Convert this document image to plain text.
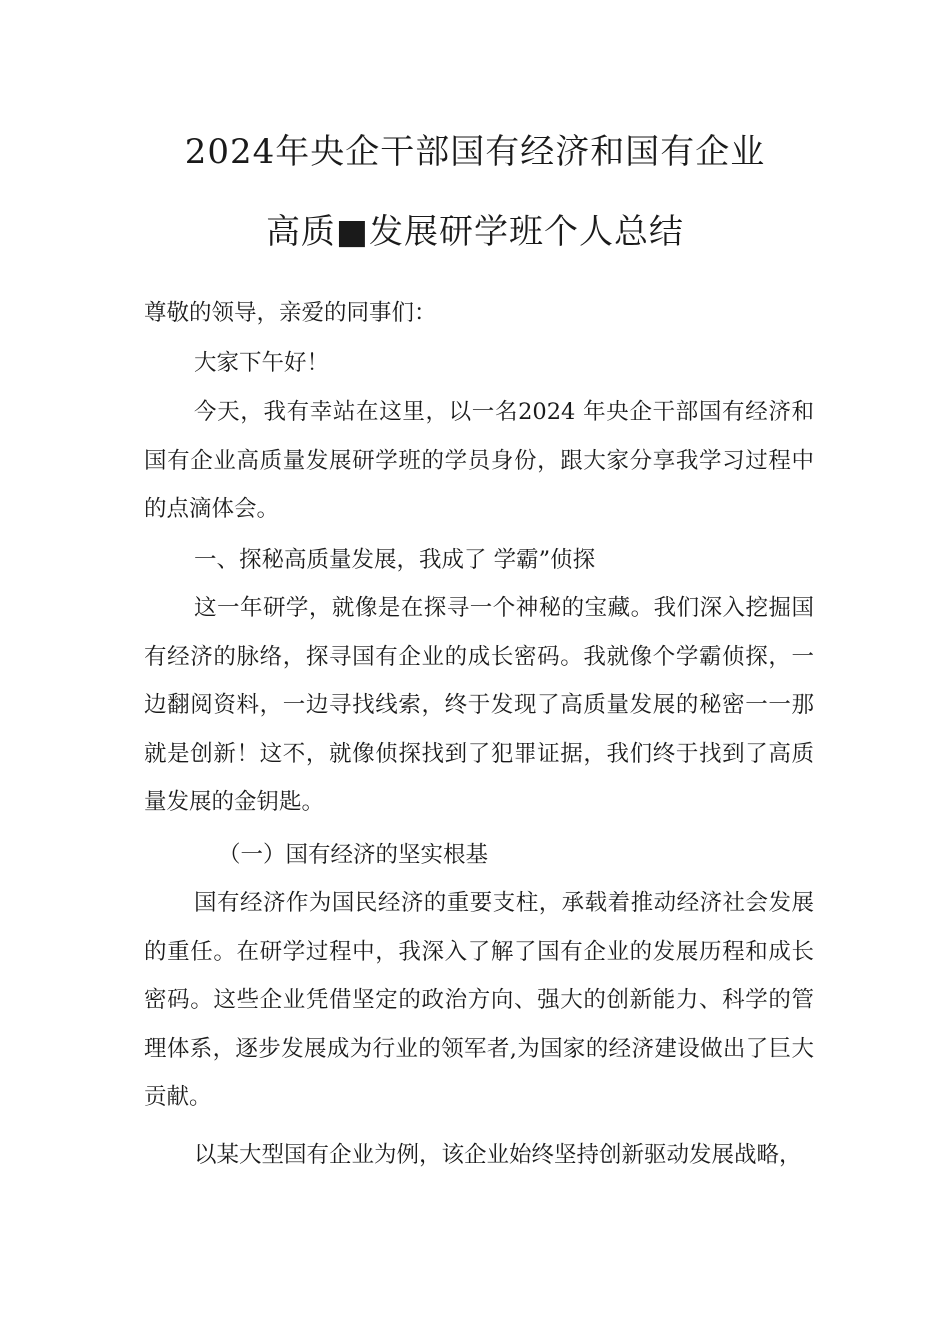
2024年央企干部国有经济和国有企业
高质■发展研学班个人总结
尊敬的领导，亲爱的同事们：
大家下午好！
今天，我有幸站在这里，以一名2024 年央企干部国有经济和国有企业高质量发展研学班的学员身份，跟大家分享我学习过程中的点滴体会。
一、探秘高质量发展，我成了 学霸”侦探
这一年研学，就像是在探寻一个神秘的宝藏。我们深入挖掘国有经济的脉络，探寻国有企业的成长密码。我就像个学霸侦探，一边翻阅资料，一边寻找线索，终于发现了高质量发展的秘密一一那就是创新！这不，就像侦探找到了犯罪证据，我们终于找到了高质量发展的金钥匙。
（一）国有经济的坚实根基
国有经济作为国民经济的重要支柱，承载着推动经济社会发展的重任。在研学过程中，我深入了解了国有企业的发展历程和成长密码。这些企业凭借坚定的政治方向、强大的创新能力、科学的管理体系，逐步发展成为行业的领军者,为国家的经济建设做出了巨大贡献。
以某大型国有企业为例，该企业始终坚持创新驱动发展战略，
